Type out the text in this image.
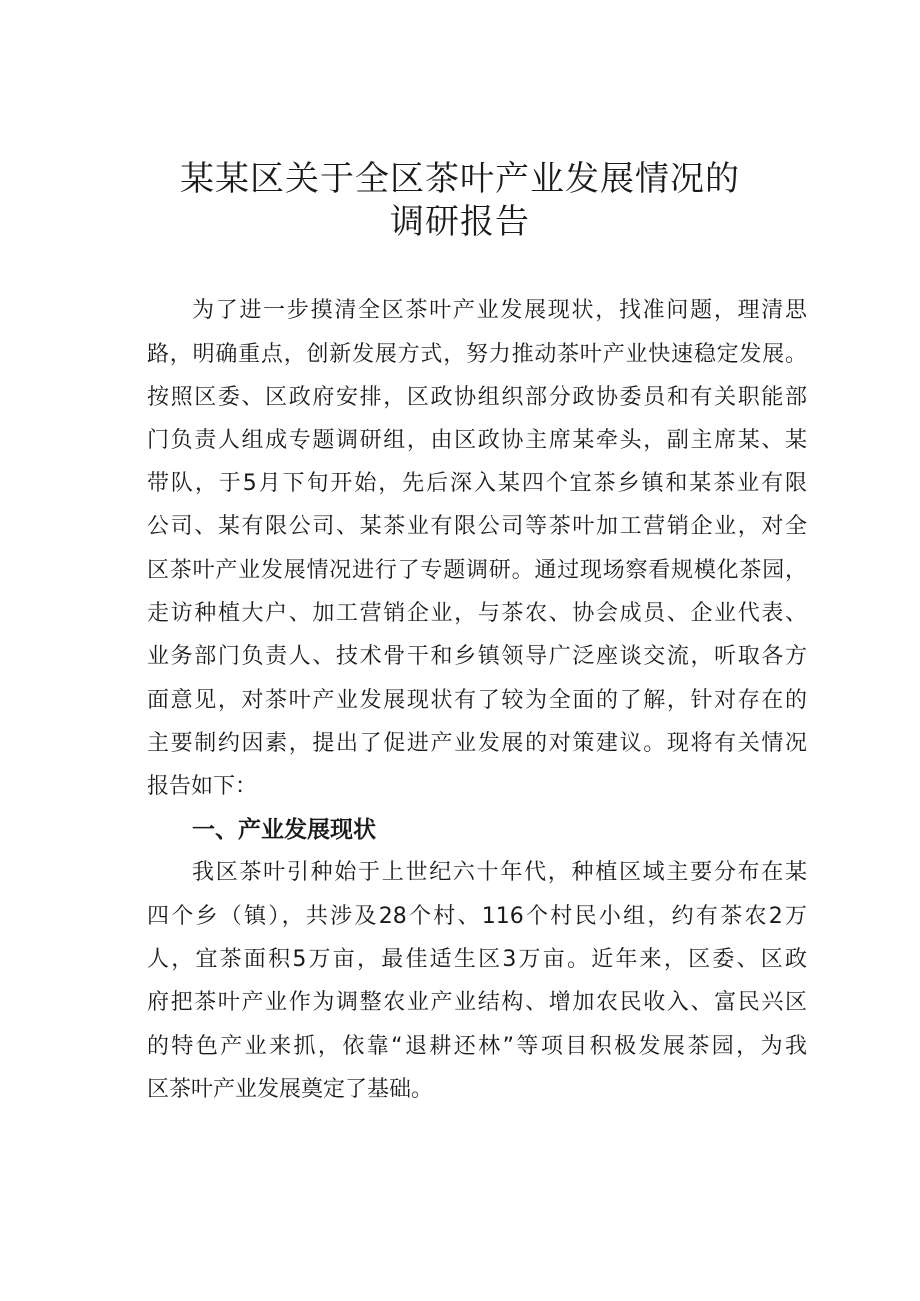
某某区关于全区茶叶产业发展情况的
调研报告
为了进一步摸清全区茶叶产业发展现状，找准问题，理清思
路，明确重点，创新发展方式，努力推动茶叶产业快速稳定发展。
按照区委、区政府安排，区政协组织部分政协委员和有关职能部
门负责人组成专题调研组，由区政协主席某牵头，副主席某、某
带队，于5月下旬开始，先后深入某四个宜茶乡镇和某茶业有限
公司、某有限公司、某茶业有限公司等茶叶加工营销企业，对全
区茶叶产业发展情况进行了专题调研。通过现场察看规模化茶园，
走访种植大户、加工营销企业，与茶农、协会成员、企业代表、
业务部门负责人、技术骨干和乡镇领导广泛座谈交流，听取各方
面意见，对茶叶产业发展现状有了较为全面的了解，针对存在的
主要制约因素，提出了促进产业发展的对策建议。现将有关情况
报告如下：
一、产业发展现状
我区茶叶引种始于上世纪六十年代，种植区域主要分布在某
四个乡（镇），共涉及28个村、116个村民小组，约有茶农2万
人，宜茶面积5万亩，最佳适生区3万亩。近年来，区委、区政
府把茶叶产业作为调整农业产业结构、增加农民收入、富民兴区
的特色产业来抓，依靠“退耕还林”等项目积极发展茶园，为我
区茶叶产业发展奠定了基础。
